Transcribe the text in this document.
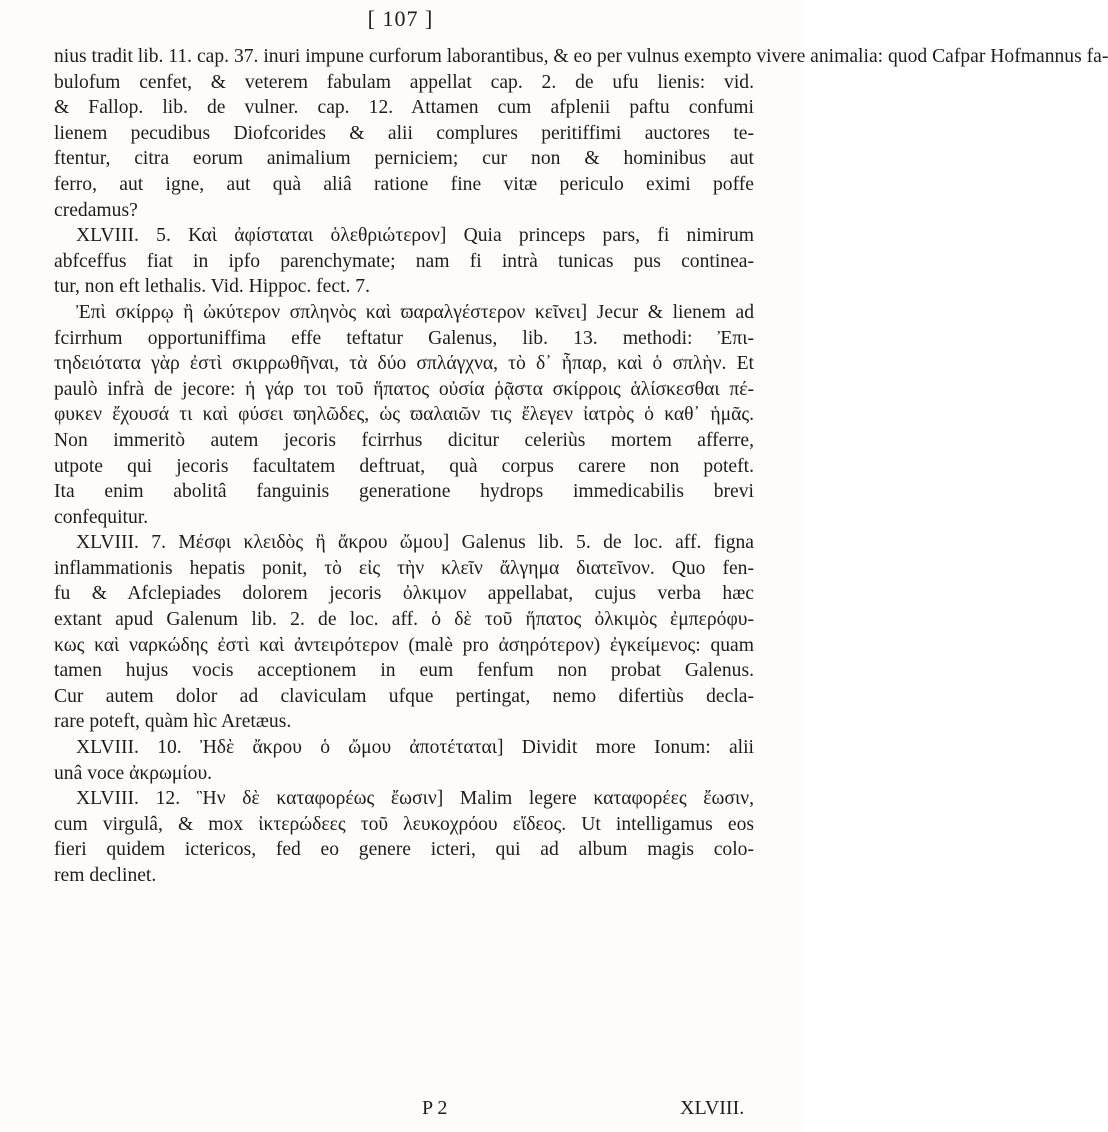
[ 107 ]
nius tradit lib. 11. cap. 37. inuri impune curforum laborantibus, & eo per vulnus exempto vivere animalia: quod Cafpar Hofmannus fa-
bulofum cenfet, & veterem fabulam appellat cap. 2. de ufu lienis: vid.
& Fallop. lib. de vulner. cap. 12. Attamen cum afplenii paftu confumi
lienem pecudibus Diofcorides & alii complures peritiffimi auctores te-
ftentur, citra eorum animalium perniciem; cur non & hominibus aut
ferro, aut igne, aut quà aliâ ratione fine vitæ periculo eximi poffe
credamus?
XLVIII. 5. Καὶ ἀφίσταται ὁλεθριώτερον] Quia princeps pars, fi nimirum
abfceffus fiat in ipfo parenchymate; nam fi intrà tunicas pus continea-
tur, non eft lethalis. Vid. Hippoc. fect. 7.
Ἐπὶ σκίρρῳ ἢ ὠκύτερον σπληνὸς καὶ ϖαραλγέστερον κεῖνει] Jecur & lienem ad
fcirrhum opportuniffima effe teftatur Galenus, lib. 13. methodi: Ἐπι-
τηδειότατα γὰρ ἐστὶ σκιρρωθῆναι, τὰ δύο σπλάγχνα, τὸ δ᾽ ἧπαρ, καὶ ὁ σπλὴν. Et
paulò infrà de jecore: ἡ γάρ τοι τοῦ ἥπατος οὐσία ῥᾷστα σκίρροις ἁλίσκεσθαι πέ-
φυκεν ἔχουσά τι καὶ φύσει ϖηλῶδες, ὡς ϖαλαιῶν τις ἔλεγεν ἰατρὸς ὁ καθ᾽ ἡμᾶς.
Non immeritò autem jecoris fcirrhus dicitur celeriùs mortem afferre,
utpote qui jecoris facultatem deftruat, quà corpus carere non poteft.
Ita enim abolitâ fanguinis generatione hydrops immedicabilis brevi
confequitur.
XLVIII. 7. Μέσφι κλειδὸς ἢ ἄκρου ὤμου] Galenus lib. 5. de loc. aff. figna
inflammationis hepatis ponit, τὸ εἰς τὴν κλεῖν ἄλγημα διατεῖνον. Quo fen-
fu & Afclepiades dolorem jecoris ὀλκιμον appellabat, cujus verba hæc
extant apud Galenum lib. 2. de loc. aff. ὁ δὲ τοῦ ἥπατος ὀλκιμὸς ἐμπερόφυ-
κως καὶ ναρκώδης ἐστὶ καὶ ἀντειρότερον (malè pro ἀσηρότερον) ἐγκείμενος: quam
tamen hujus vocis acceptionem in eum fenfum non probat Galenus.
Cur autem dolor ad claviculam ufque pertingat, nemo difertiùs decla-
rare poteft, quàm hìc Aretæus.
XLVIII. 10. Ἠδὲ ἄκρου ὁ ὤμου ἀποτέταται] Dividit more Ionum: alii
unâ voce ἀκρωμίου.
XLVIII. 12. Ἣν δὲ καταφορέως ἔωσιν] Malim legere καταφορέες ἔωσιν,
cum virgulâ, & mox ἰκτερώδεες τοῦ λευκοχρόου εἴδεος. Ut intelligamus eos
fieri quidem ictericos, fed eo genere icteri, qui ad album magis colo-
rem declinet.
P 2	XLVIII.
